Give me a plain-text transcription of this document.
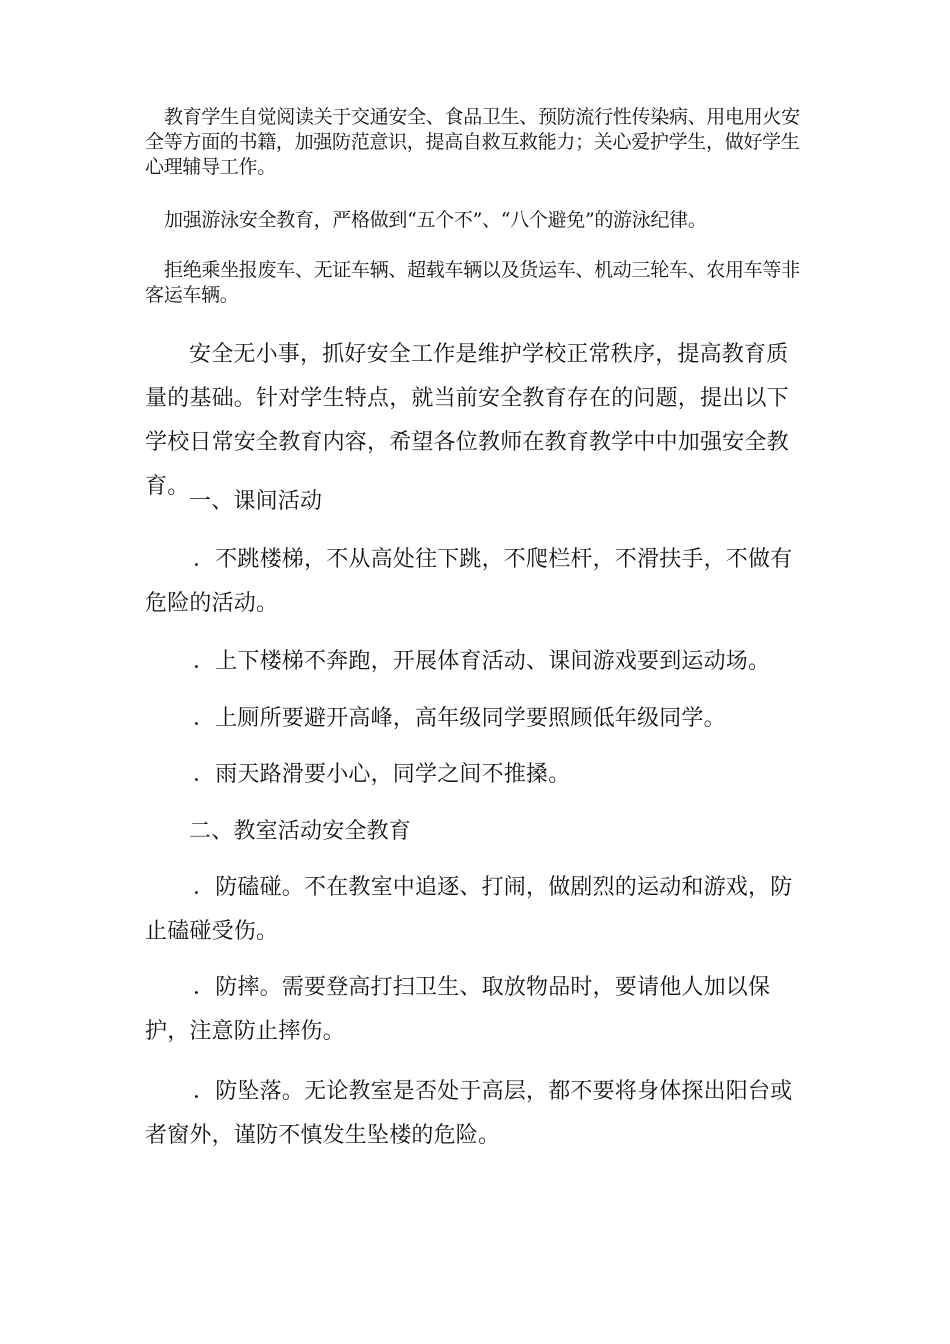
教育学生自觉阅读关于交通安全、食品卫生、预防流行性传染病、用电用火安全等方面的书籍，加强防范意识，提高自救互救能力；关心爱护学生，做好学生心理辅导工作。

加强游泳安全教育，严格做到“五个不”、“八个避免”的游泳纪律。

拒绝乘坐报废车、无证车辆、超载车辆以及货运车、机动三轮车、农用车等非客运车辆。

安全无小事，抓好安全工作是维护学校正常秩序，提高教育质量的基础。针对学生特点，就当前安全教育存在的问题，提出以下学校日常安全教育内容，希望各位教师在教育教学中中加强安全教育。

一、课间活动

．不跳楼梯，不从高处往下跳，不爬栏杆，不滑扶手，不做有危险的活动。

．上下楼梯不奔跑，开展体育活动、课间游戏要到运动场。

．上厕所要避开高峰，高年级同学要照顾低年级同学。

．雨天路滑要小心，同学之间不推搡。

二、教室活动安全教育

．防磕碰。不在教室中追逐、打闹，做剧烈的运动和游戏，防止磕碰受伤。

．防摔。需要登高打扫卫生、取放物品时，要请他人加以保护，注意防止摔伤。

．防坠落。无论教室是否处于高层，都不要将身体探出阳台或者窗外，谨防不慎发生坠楼的危险。
